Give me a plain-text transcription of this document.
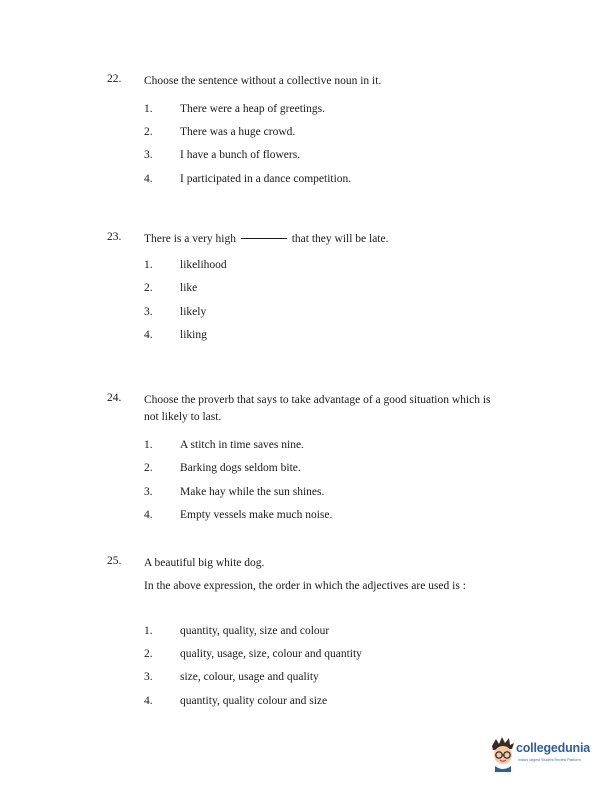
22. Choose the sentence without a collective noun in it.
1. There were a heap of greetings.
2. There was a huge crowd.
3. I have a bunch of flowers.
4. I participated in a dance competition.
23. There is a very high	that they will be late.
1. likelihood
2. like
3. likely
4. liking
24. Choose the proverb that says to take advantage of a good situation which is not likely to last.
1. A stitch in time saves nine.
2. Barking dogs seldom bite.
3. Make hay while the sun shines.
4. Empty vessels make much noise.
25. A beautiful big white dog.
In the above expression, the order in which the adjectives are used is :
1. quantity, quality, size and colour
2. quality, usage, size, colour and quantity
3. size, colour, usage and quality
4. quantity, quality colour and size
collegedunia
India's largest Student Review Platform
